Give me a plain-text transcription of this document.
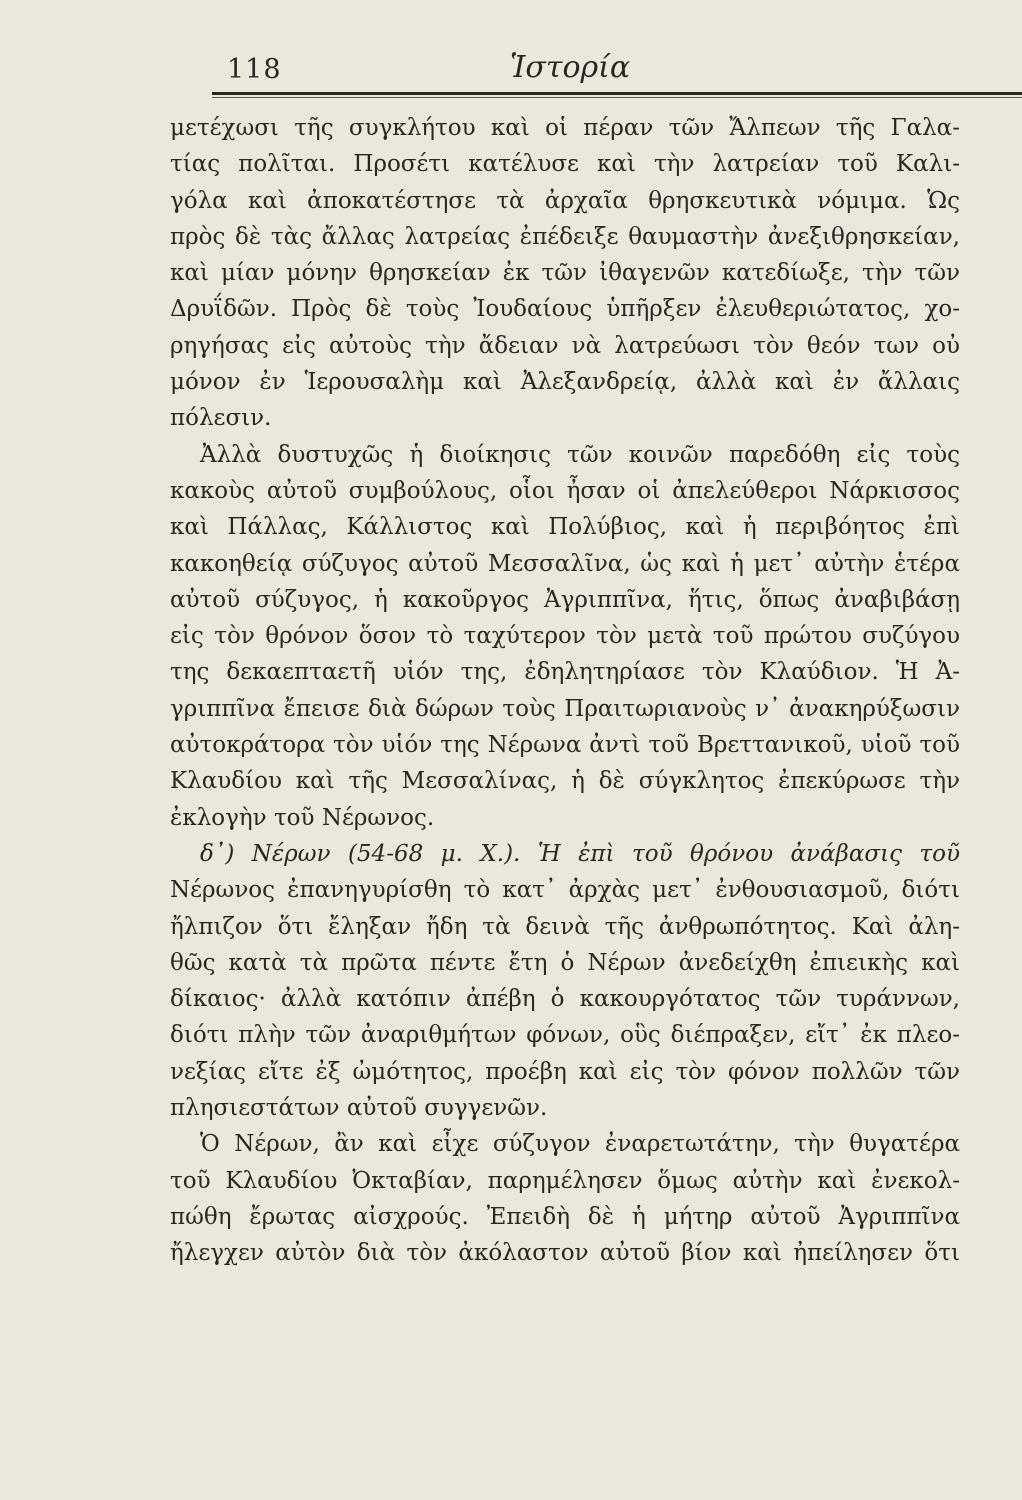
118	Ἱστορία
μετέχωσι τῆς συγκλήτου καὶ οἱ πέραν τῶν Ἄλπεων τῆς Γαλα-
τίας πολῖται. Προσέτι κατέλυσε καὶ τὴν λατρείαν τοῦ Καλι-
γόλα καὶ ἀποκατέστησε τὰ ἀρχαῖα θρησκευτικὰ νόμιμα. Ὡς
πρὸς δὲ τὰς ἄλλας λατρείας ἐπέδειξε θαυμαστὴν ἀνεξιθρησκείαν,
καὶ μίαν μόνην θρησκείαν ἐκ τῶν ἰθαγενῶν κατεδίωξε, τὴν τῶν
Δρυΐδῶν. Πρὸς δὲ τοὺς Ἰουδαίους ὑπῆρξεν ἐλευθεριώτατος, χο-
ρηγήσας εἰς αὐτοὺς τὴν ἄδειαν νὰ λατρεύωσι τὸν θεόν των οὐ
μόνον ἐν Ἱερουσαλὴμ καὶ Ἀλεξανδρείᾳ, ἀλλὰ καὶ ἐν ἄλλαις
πόλεσιν.
Ἀλλὰ δυστυχῶς ἡ διοίκησις τῶν κοινῶν παρεδόθη εἰς τοὺς
κακοὺς αὐτοῦ συμβούλους, οἷοι ἦσαν οἱ ἀπελεύθεροι Νάρκισσος
καὶ Πάλλας, Κάλλιστος καὶ Πολύβιος, καὶ ἡ περιβόητος ἐπὶ
κακοηθείᾳ σύζυγος αὐτοῦ Μεσσαλῖνα, ὡς καὶ ἡ μετ᾽ αὐτὴν ἑτέρα
αὐτοῦ σύζυγος, ἡ κακοῦργος Ἀγριππῖνα, ἥτις, ὅπως ἀναβιβάσῃ
εἰς τὸν θρόνον ὅσον τὸ ταχύτερον τὸν μετὰ τοῦ πρώτου συζύγου
της δεκαεπταετῆ υἱόν της, ἐδηλητηρίασε τὸν Κλαύδιον. Ἡ Ἀ-
γριππῖνα ἔπεισε διὰ δώρων τοὺς Πραιτωριανοὺς ν᾽ ἀνακηρύξωσιν
αὐτοκράτορα τὸν υἱόν της Νέρωνα ἀντὶ τοῦ Βρεττανικοῦ, υἱοῦ τοῦ
Κλαυδίου καὶ τῆς Μεσσαλίνας, ἡ δὲ σύγκλητος ἐπεκύρωσε τὴν
ἐκλογὴν τοῦ Νέρωνος.
δ᾽) Νέρων (54-68 μ. Χ.). Ἡ ἐπὶ τοῦ θρόνου ἀνάβασις τοῦ
Νέρωνος ἐπανηγυρίσθη τὸ κατ᾽ ἀρχὰς μετ᾽ ἐνθουσιασμοῦ, διότι
ἤλπιζον ὅτι ἔληξαν ἤδη τὰ δεινὰ τῆς ἀνθρωπότητος. Καὶ ἀλη-
θῶς κατὰ τὰ πρῶτα πέντε ἔτη ὁ Νέρων ἀνεδείχθη ἐπιεικὴς καὶ
δίκαιος· ἀλλὰ κατόπιν ἀπέβη ὁ κακουργότατος τῶν τυράννων,
διότι πλὴν τῶν ἀναριθμήτων φόνων, οὓς διέπραξεν, εἴτ᾽ ἐκ πλεο-
νεξίας εἴτε ἐξ ὠμότητος, προέβη καὶ εἰς τὸν φόνον πολλῶν τῶν
πλησιεστάτων αὐτοῦ συγγενῶν.
Ὁ Νέρων, ἂν καὶ εἶχε σύζυγον ἐναρετωτάτην, τὴν θυγατέρα
τοῦ Κλαυδίου Ὀκταβίαν, παρημέλησεν ὅμως αὐτὴν καὶ ἐνεκολ-
πώθη ἔρωτας αἰσχρούς. Ἐπειδὴ δὲ ἡ μήτηρ αὐτοῦ Ἀγριππῖνα
ἤλεγχεν αὐτὸν διὰ τὸν ἀκόλαστον αὐτοῦ βίον καὶ ἠπείλησεν ὅτι
